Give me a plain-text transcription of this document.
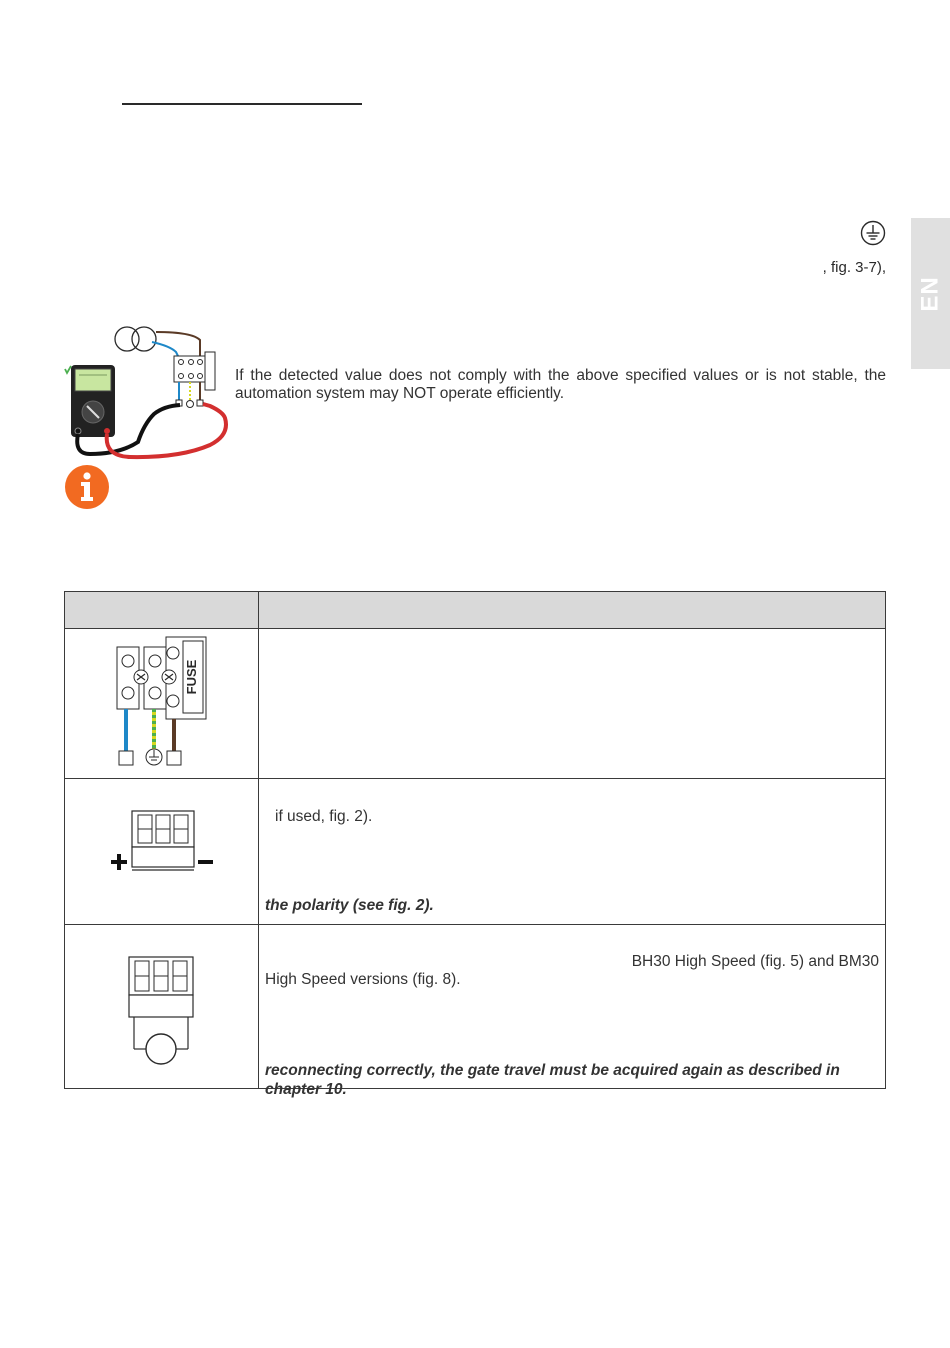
, fig. 3-7),
EN
If the detected value does not comply with the above specified values or is not stable, the automation system may NOT operate efficiently.

FUSE	

if used, fig. 2).
the polarity (see fig. 2).

BH30 High Speed (fig. 5) and BM30
High Speed versions (fig. 8).
reconnecting correctly, the gate travel must be acquired again as described in chapter 10.
